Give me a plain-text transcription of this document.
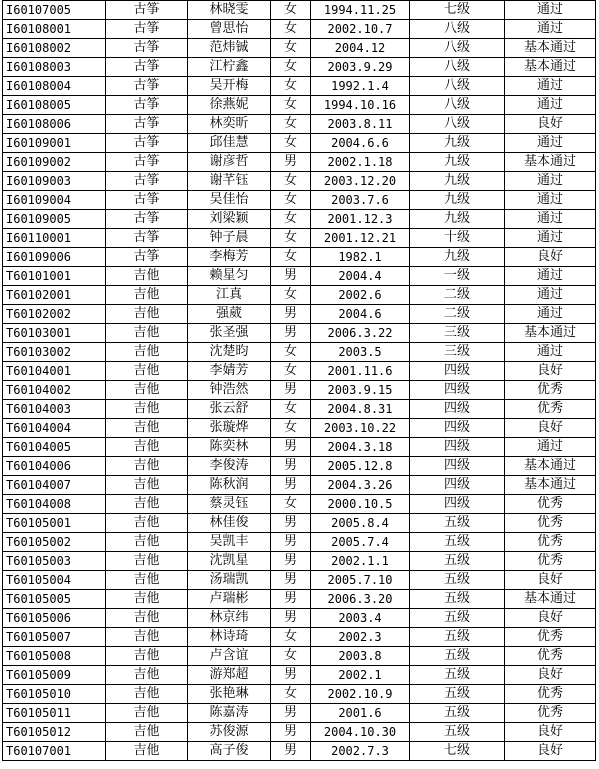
I60107005	古筝	林晓雯	女	1994.11.25	七级	通过
I60108001	古筝	曾思怡	女	2002.10.7	八级	通过
I60108002	古筝	范炜铖	女	2004.12	八级	基本通过
I60108003	古筝	江柠鑫	女	2003.9.29	八级	基本通过
I60108004	古筝	吴开梅	女	1992.1.4	八级	通过
I60108005	古筝	徐燕妮	女	1994.10.16	八级	通过
I60108006	古筝	林奕昕	女	2003.8.11	八级	良好
I60109001	古筝	邱佳慧	女	2004.6.6	九级	通过
I60109002	古筝	谢彦哲	男	2002.1.18	九级	基本通过
I60109003	古筝	谢芊钰	女	2003.12.20	九级	通过
I60109004	古筝	吴佳怡	女	2003.7.6	九级	通过
I60109005	古筝	刘梁颖	女	2001.12.3	九级	通过
I60110001	古筝	钟子晨	女	2001.12.21	十级	通过
I60109006	古筝	李梅芳	女	1982.1	九级	良好
T60101001	吉他	赖星匀	男	2004.4	一级	通过
T60102001	吉他	江真	女	2002.6	二级	通过
T60102002	吉他	强葳	男	2004.6	二级	通过
T60103001	吉他	张圣强	男	2006.3.22	三级	基本通过
T60103002	吉他	沈楚昀	女	2003.5	三级	通过
T60104001	吉他	李婧芳	女	2001.11.6	四级	良好
T60104002	吉他	钟浩然	男	2003.9.15	四级	优秀
T60104003	吉他	张云舒	女	2004.8.31	四级	优秀
T60104004	吉他	张璇烨	女	2003.10.22	四级	良好
T60104005	吉他	陈奕林	男	2004.3.18	四级	通过
T60104006	吉他	李俊涛	男	2005.12.8	四级	基本通过
T60104007	吉他	陈秋润	男	2004.3.26	四级	基本通过
T60104008	吉他	蔡灵钰	女	2000.10.5	四级	优秀
T60105001	吉他	林佳俊	男	2005.8.4	五级	优秀
T60105002	吉他	吴凯丰	男	2005.7.4	五级	优秀
T60105003	吉他	沈凯星	男	2002.1.1	五级	优秀
T60105004	吉他	汤瑞凯	男	2005.7.10	五级	良好
T60105005	吉他	卢瑞彬	男	2006.3.20	五级	基本通过
T60105006	吉他	林京纬	男	2003.4	五级	良好
T60105007	吉他	林诗琦	女	2002.3	五级	优秀
T60105008	吉他	卢含谊	女	2003.8	五级	优秀
T60105009	吉他	游郑超	男	2002.1	五级	良好
T60105010	吉他	张艳琳	女	2002.10.9	五级	优秀
T60105011	吉他	陈嘉涛	男	2001.6	五级	优秀
T60105012	吉他	苏俊源	男	2004.10.30	五级	良好
T60107001	吉他	高子俊	男	2002.7.3	七级	良好
